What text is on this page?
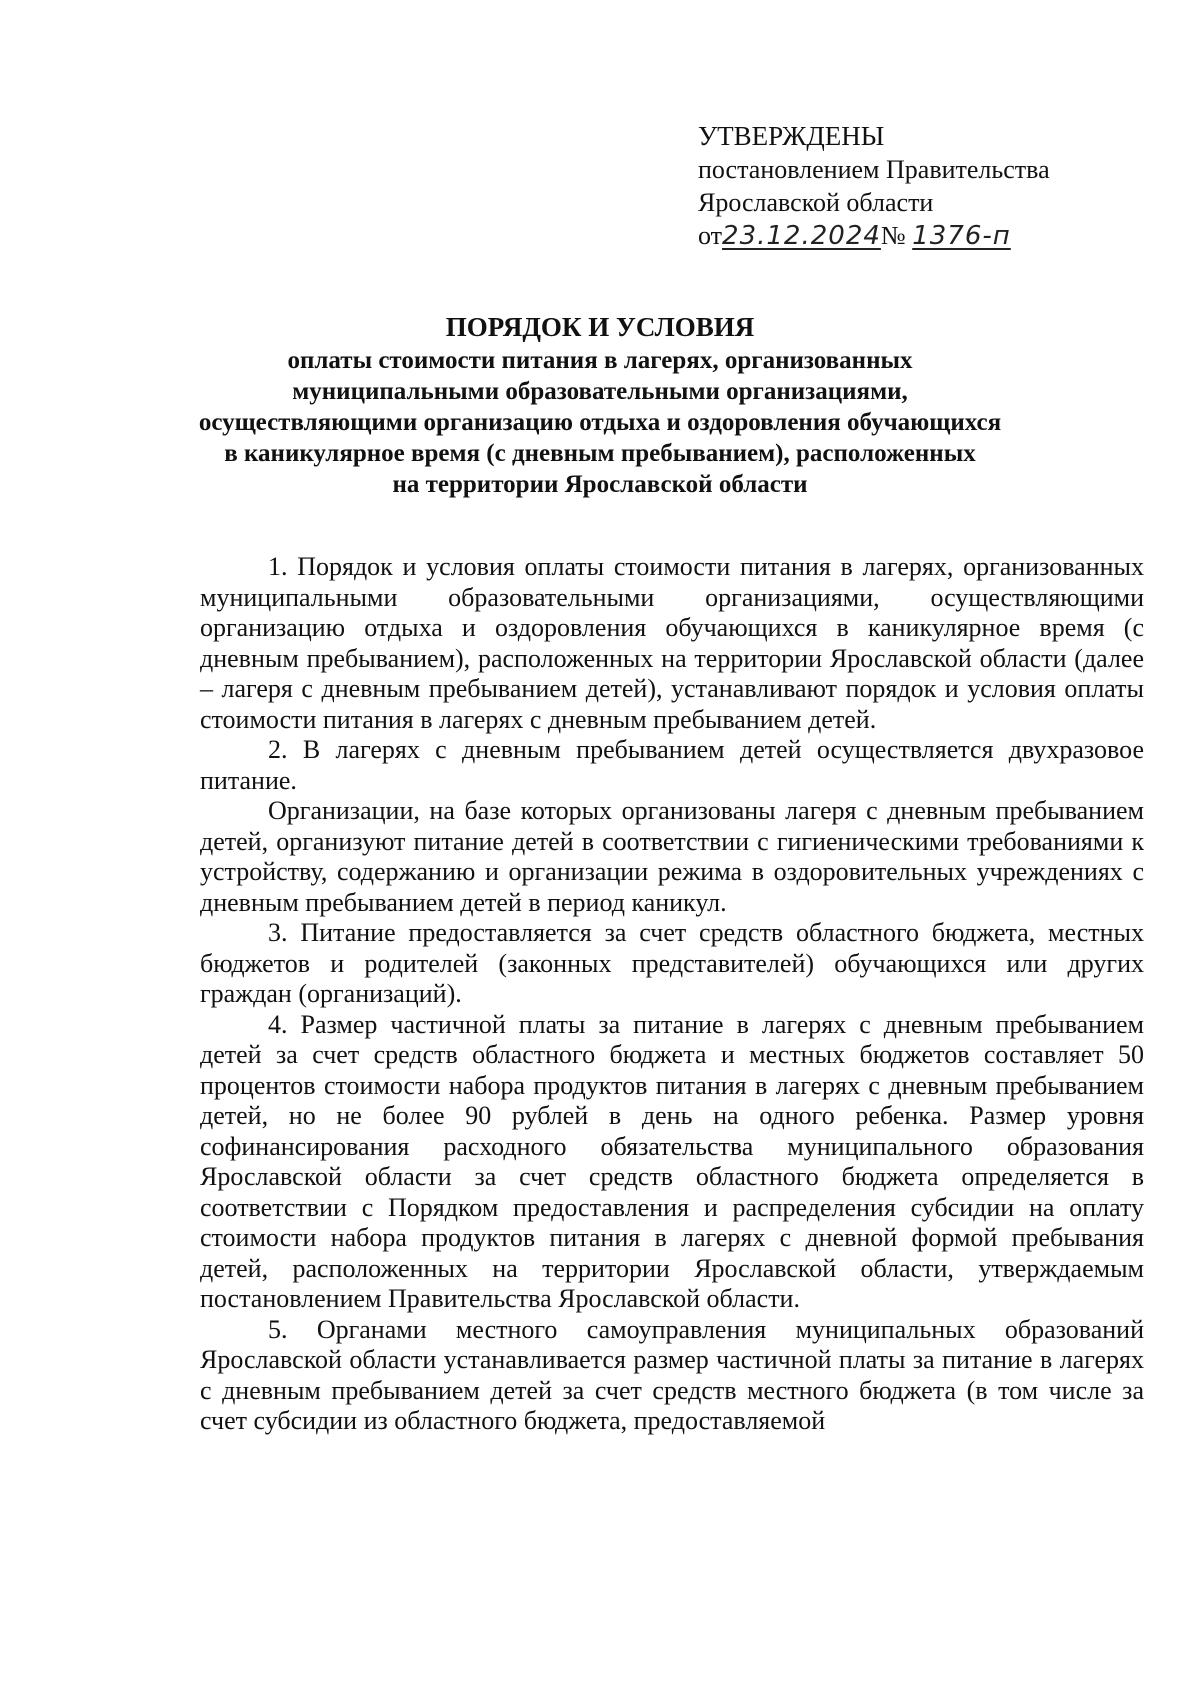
УТВЕРЖДЕНЫ
постановлением Правительства
Ярославской области
от23.12.2024№ 1376-п
ПОРЯДОК И УСЛОВИЯ
оплаты стоимости питания в лагерях, организованных
муниципальными образовательными организациями,
осуществляющими организацию отдыха и оздоровления обучающихся
в каникулярное время (с дневным пребыванием), расположенных
на территории Ярославской области

1. Порядок и условия оплаты стоимости питания в лагерях, организованных муниципальными образовательными организациями, осуществляющими организацию отдыха и оздоровления обучающихся в каникулярное время (с дневным пребыванием), расположенных на территории Ярославской области (далее – лагеря с дневным пребыванием детей), устанавливают порядок и условия оплаты стоимости питания в лагерях с дневным пребыванием детей.

2. В лагерях с дневным пребыванием детей осуществляется двухразовое питание.

Организации, на базе которых организованы лагеря с дневным пребыванием детей, организуют питание детей в соответствии с гигиеническими требованиями к устройству, содержанию и организации режима в оздоровительных учреждениях с дневным пребыванием детей в период каникул.

3. Питание предоставляется за счет средств областного бюджета, местных бюджетов и родителей (законных представителей) обучающихся или других граждан (организаций).

4. Размер частичной платы за питание в лагерях с дневным пребыванием детей за счет средств областного бюджета и местных бюджетов составляет 50 процентов стоимости набора продуктов питания в лагерях с дневным пребыванием детей, но не более 90 рублей в день на одного ребенка. Размер уровня софинансирования расходного обязательства муниципального образования Ярославской области за счет средств областного бюджета определяется в соответствии с Порядком предоставления и распределения субсидии на оплату стоимости набора продуктов питания в лагерях с дневной формой пребывания детей, расположенных на территории Ярославской области, утверждаемым постановлением Правительства Ярославской области.

5. Органами местного самоуправления муниципальных образований Ярославской области устанавливается размер частичной платы за питание в лагерях с дневным пребыванием детей за счет средств местного бюджета (в том числе за счет субсидии из областного бюджета, предоставляемой
